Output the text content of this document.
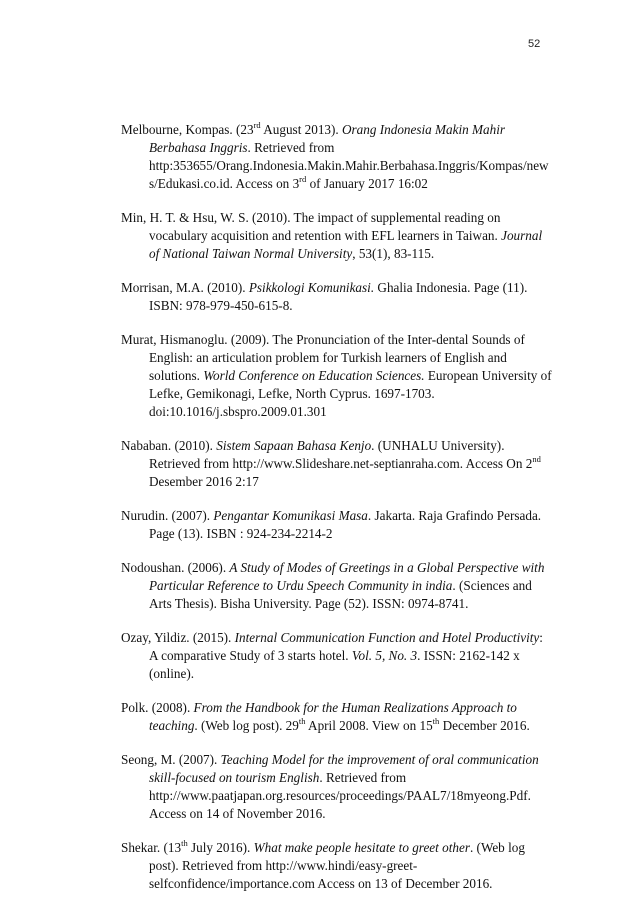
52
Melbourne, Kompas. (23rd August 2013). Orang Indonesia Makin Mahir
Berbahasa Inggris. Retrieved from
http:353655/Orang.Indonesia.Makin.Mahir.Berbahasa.Inggris/Kompas/new
s/Edukasi.co.id. Access on 3rd of January 2017 16:02
Min, H. T. & Hsu, W. S. (2010). The impact of supplemental reading on
vocabulary acquisition and retention with EFL learners in Taiwan. Journal
of National Taiwan Normal University, 53(1), 83-115.
Morrisan, M.A. (2010). Psikkologi Komunikasi. Ghalia Indonesia. Page (11).
ISBN: 978-979-450-615-8.
Murat, Hismanoglu. (2009). The Pronunciation of the Inter-dental Sounds of
English: an articulation problem for Turkish learners of English and
solutions. World Conference on Education Sciences. European University of
Lefke, Gemikonagi, Lefke, North Cyprus. 1697-1703.
doi:10.1016/j.sbspro.2009.01.301
Nababan. (2010). Sistem Sapaan Bahasa Kenjo. (UNHALU University).
Retrieved from http://www.Slideshare.net-septianraha.com. Access On 2nd
Desember 2016 2:17
Nurudin. (2007). Pengantar Komunikasi Masa. Jakarta. Raja Grafindo Persada.
Page (13). ISBN : 924-234-2214-2
Nodoushan. (2006). A Study of Modes of Greetings in a Global Perspective with
Particular Reference to Urdu Speech Community in india. (Sciences and
Arts Thesis). Bisha University. Page (52). ISSN: 0974-8741.
Ozay, Yildiz. (2015). Internal Communication Function and Hotel Productivity:
A comparative Study of 3 starts hotel. Vol. 5, No. 3. ISSN: 2162-142 x
(online).
Polk. (2008). From the Handbook for the Human Realizations Approach to
teaching. (Web log post). 29th April 2008. View on 15th December 2016.
Seong, M. (2007). Teaching Model for the improvement of oral communication
skill-focused on tourism English. Retrieved from
http://www.paatjapan.org.resources/proceedings/PAAL7/18myeong.Pdf.
Access on 14 of November 2016.
Shekar. (13th July 2016). What make people hesitate to greet other. (Web log
post). Retrieved from http://www.hindi/easy-greet-
selfconfidence/importance.com Access on 13 of December 2016.
